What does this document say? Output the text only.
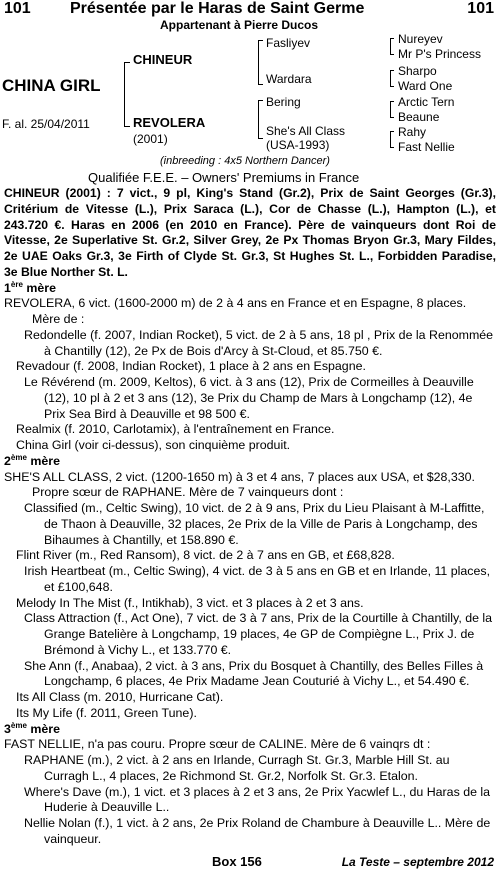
101 Présentée par le Haras de Saint Germe	101
Appartenant à Pierre Ducos
CHINA GIRL
F. al. 25/04/2011
CHINEUR
REVOLERA
(2001)
Fasliyev
Wardara
Bering
She's All Class
(USA-1993)
Nureyev
Mr P's Princess
Sharpo
Ward One
Arctic Tern
Beaune
Rahy
Fast Nellie
(inbreeding : 4x5 Northern Dancer)
Qualifiée F.E.E. – Owners' Premiums in France

CHINEUR (2001) : 7 vict., 9 pl, King's Stand (Gr.2), Prix de Saint Georges (Gr.3), Critérium de Vitesse (L.), Prix Saraca (L.), Cor de Chasse (L.), Hampton (L.), et 243.720 €. Haras en 2006 (en 2010 en France). Père de vainqueurs dont Roi de Vitesse, 2e Superlative St. Gr.2, Silver Grey, 2e Px Thomas Bryon Gr.3, Mary Fildes, 2e UAE Oaks Gr.3, 3e Firth of Clyde St. Gr.3, St Hughes St. L., Forbidden Paradise, 3e Blue Norther St. L.

1ère mère

REVOLERA, 6 vict. (1600-2000 m) de 2 à 4 ans en France et en Espagne, 8 places. Mère de :

Redondelle (f. 2007, Indian Rocket), 5 vict. de 2 à 5 ans, 18 pl , Prix de la Renommée à Chantilly (12), 2e Px de Bois d'Arcy à St-Cloud, et 85.750 €.

Revadour (f. 2008, Indian Rocket), 1 place à 2 ans en Espagne.

Le Révérend (m. 2009, Keltos), 6 vict. à 3 ans (12), Prix de Cormeilles à Deauville (12), 10 pl à 2 et 3 ans (12), 3e Prix du Champ de Mars à Longchamp (12), 4e Prix Sea Bird à Deauville et 98 500 €.

Realmix (f. 2010, Carlotamix), à l'entraînement en France.

China Girl (voir ci-dessus), son cinquième produit.

2ème mère

SHE'S ALL CLASS, 2 vict. (1200-1650 m) à 3 et 4 ans, 7 places aux USA, et $28,330. Propre sœur de RAPHANE. Mère de 7 vainqueurs dont :

Classified (m., Celtic Swing), 10 vict. de 2 à 9 ans, Prix du Lieu Plaisant à M-Laffitte, de Thaon à Deauville, 32 places, 2e Prix de la Ville de Paris à Longchamp, des Bihaumes à Chantilly, et 158.890 €.

Flint River (m., Red Ransom), 8 vict. de 2 à 7 ans en GB, et £68,828.

Irish Heartbeat (m., Celtic Swing), 4 vict. de 3 à 5 ans en GB et en Irlande, 11 places, et £100,648.

Melody In The Mist (f., Intikhab), 3 vict. et 3 places à 2 et 3 ans.

Class Attraction (f., Act One), 7 vict. de 3 à 7 ans, Prix de la Courtille à Chantilly, de la Grange Batelière à Longchamp, 19 places, 4e GP de Compiègne L., Prix J. de Brémond à Vichy L., et 133.770 €.

She Ann (f., Anabaa), 2 vict. à 3 ans, Prix du Bosquet à Chantilly, des Belles Filles à Longchamp, 6 places, 4e Prix Madame Jean Couturié à Vichy L., et 54.490 €.

Its All Class (m. 2010, Hurricane Cat).

Its My Life (f. 2011, Green Tune).

3ème mère

FAST NELLIE, n'a pas couru. Propre sœur de CALINE. Mère de 6 vainqrs dt :

RAPHANE (m.), 2 vict. à 2 ans en Irlande, Curragh St. Gr.3, Marble Hill St. au Curragh L., 4 places, 2e Richmond St. Gr.2, Norfolk St. Gr.3. Etalon.

Where's Dave (m.), 1 vict. et 3 places à 2 et 3 ans, 2e Prix Yacwlef L., du Haras de la Huderie à Deauville L..

Nellie Nolan (f.), 1 vict. à 2 ans, 2e Prix Roland de Chambure à Deauville L.. Mère de vainqueur.

Box 156	La Teste – septembre 2012
